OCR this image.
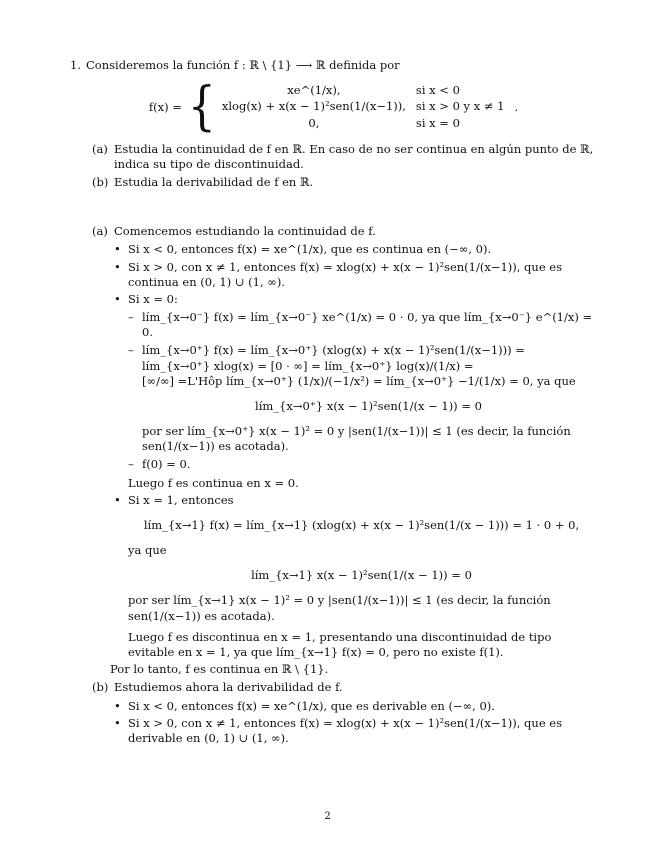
1. Consideremos la función f : ℝ \ {1} ⟶ ℝ definida por
f(x) = {	xe^(1/x),	si x < 0
xlog(x) + x(x − 1)²sen(1/(x−1)),	si x > 0 y x ≠ 1
0,	si x = 0
.
(a) Estudia la continuidad de f en ℝ. En caso de no ser continua en algún punto de ℝ, indica su tipo de discontinuidad.
(b) Estudia la derivabilidad de f en ℝ.
(a) Comencemos estudiando la continuidad de f.
• Si x < 0, entonces f(x) = xe^(1/x), que es continua en (−∞, 0).
• Si x > 0, con x ≠ 1, entonces f(x) = xlog(x) + x(x − 1)²sen(1/(x−1)), que es continua en (0, 1) ∪ (1, ∞).
• Si x = 0:
– lím_{x→0⁻} f(x) = lím_{x→0⁻} xe^(1/x) = 0 · 0, ya que lím_{x→0⁻} e^(1/x) = 0.
– lím_{x→0⁺} f(x) = lím_{x→0⁺} (xlog(x) + x(x − 1)²sen(1/(x−1))) = lím_{x→0⁺} xlog(x) = [0 · ∞] = lím_{x→0⁺} log(x)/(1/x) =
[∞/∞] =L'Hôp lím_{x→0⁺} (1/x)/(−1/x²) = lím_{x→0⁺} −1/(1/x) = 0, ya que
lím_{x→0⁺} x(x − 1)²sen(1/(x − 1)) = 0
por ser lím_{x→0⁺} x(x − 1)² = 0 y |sen(1/(x−1))| ≤ 1 (es decir, la función sen(1/(x−1)) es acotada).
– f(0) = 0.
Luego f es continua en x = 0.
• Si x = 1, entonces
lím_{x→1} f(x) = lím_{x→1} (xlog(x) + x(x − 1)²sen(1/(x − 1))) = 1 · 0 + 0,
ya que
lím_{x→1} x(x − 1)²sen(1/(x − 1)) = 0
por ser lím_{x→1} x(x − 1)² = 0 y |sen(1/(x−1))| ≤ 1 (es decir, la función sen(1/(x−1)) es acotada).
Luego f es discontinua en x = 1, presentando una discontinuidad de tipo evitable en x = 1, ya que lím_{x→1} f(x) = 0, pero no existe f(1).
Por lo tanto, f es continua en ℝ \ {1}.
(b) Estudiemos ahora la derivabilidad de f.
• Si x < 0, entonces f(x) = xe^(1/x), que es derivable en (−∞, 0).
• Si x > 0, con x ≠ 1, entonces f(x) = xlog(x) + x(x − 1)²sen(1/(x−1)), que es derivable en (0, 1) ∪ (1, ∞).
2
